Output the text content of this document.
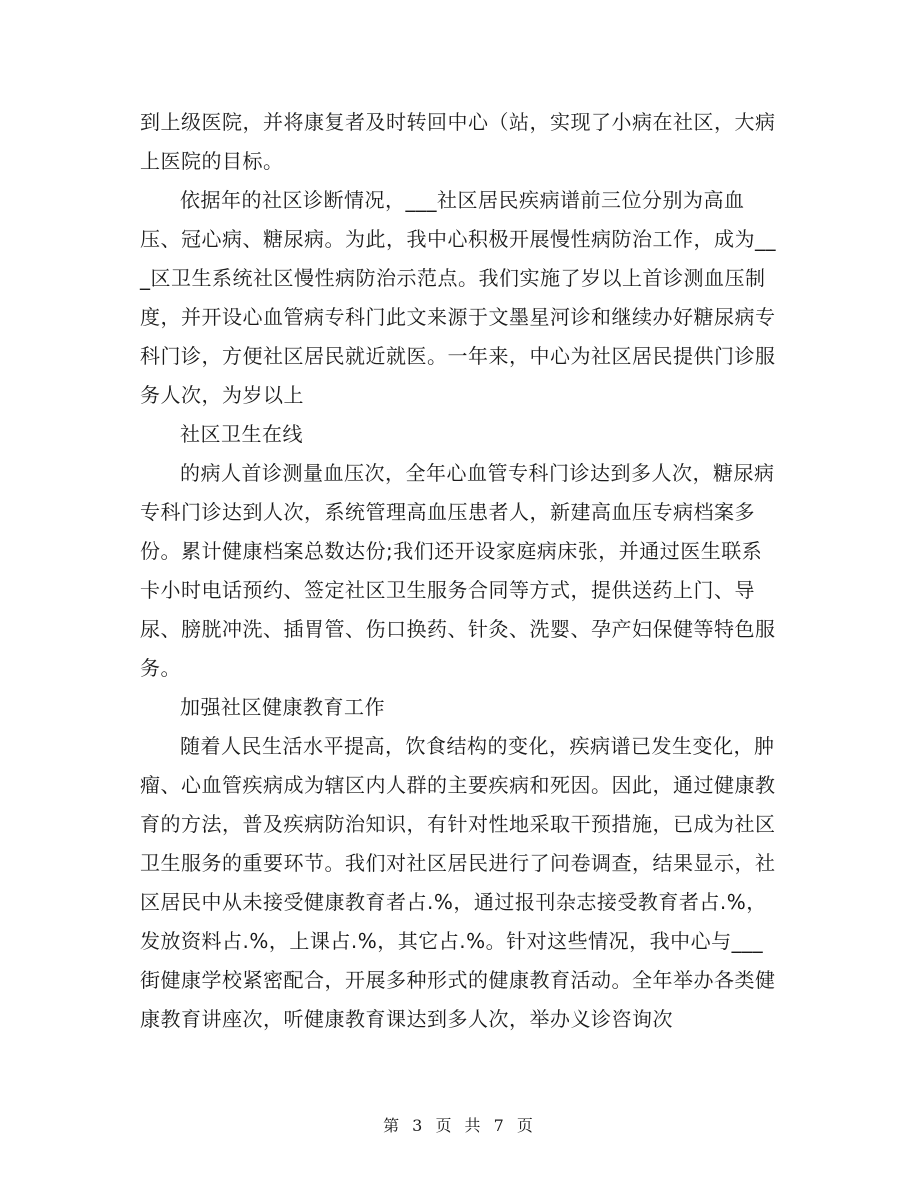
到上级医院，并将康复者及时转回中心（站，实现了小病在社区，大病上医院的目标。

依据年的社区诊断情况，___社区居民疾病谱前三位分别为高血压、冠心病、糖尿病。为此，我中心积极开展慢性病防治工作，成为___区卫生系统社区慢性病防治示范点。我们实施了岁以上首诊测血压制度，并开设心血管病专科门此文来源于文墨星河诊和继续办好糖尿病专科门诊，方便社区居民就近就医。一年来，中心为社区居民提供门诊服务人次，为岁以上

社区卫生在线

的病人首诊测量血压次，全年心血管专科门诊达到多人次，糖尿病专科门诊达到人次，系统管理高血压患者人，新建高血压专病档案多份。累计健康档案总数达份;我们还开设家庭病床张，并通过医生联系卡小时电话预约、签定社区卫生服务合同等方式，提供送药上门、导尿、膀胱冲洗、插胃管、伤口换药、针灸、洗婴、孕产妇保健等特色服务。

加强社区健康教育工作

随着人民生活水平提高，饮食结构的变化，疾病谱已发生变化，肿瘤、心血管疾病成为辖区内人群的主要疾病和死因。因此，通过健康教育的方法，普及疾病防治知识，有针对性地采取干预措施，已成为社区卫生服务的重要环节。我们对社区居民进行了问卷调查，结果显示，社区居民中从未接受健康教育者占.%，通过报刊杂志接受教育者占.%，发放资料占.%，上课占.%，其它占.%。针对这些情况，我中心与___街健康学校紧密配合，开展多种形式的健康教育活动。全年举办各类健康教育讲座次，听健康教育课达到多人次，举办义诊咨询次

第 3 页 共 7 页
